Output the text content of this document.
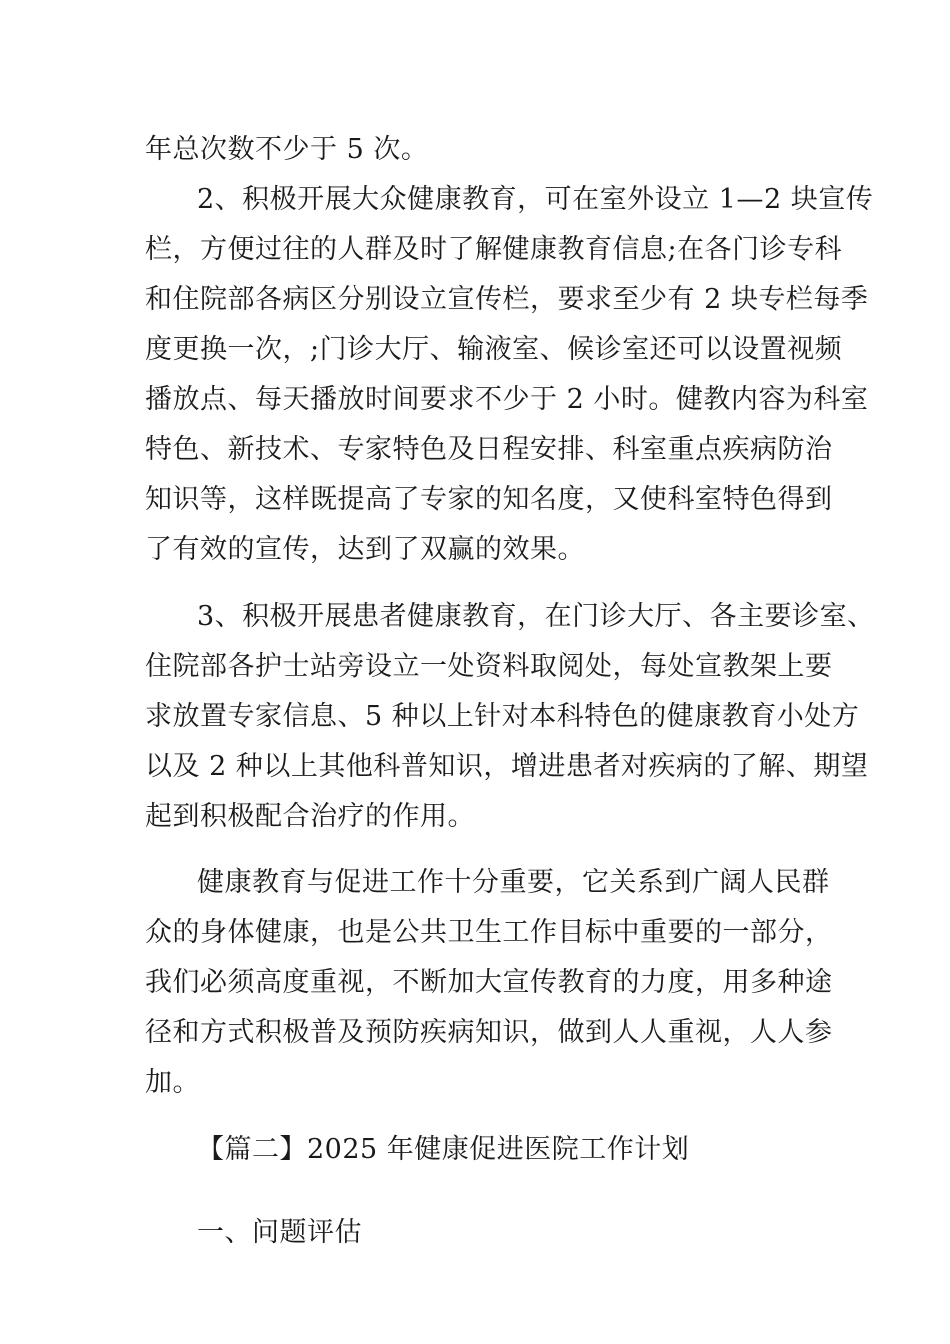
年总次数不少于 5 次。
2、积极开展大众健康教育，可在室外设立 1—2 块宣传
栏，方便过往的人群及时了解健康教育信息;在各门诊专科
和住院部各病区分别设立宣传栏，要求至少有 2 块专栏每季
度更换一次，;门诊大厅、输液室、候诊室还可以设置视频
播放点、每天播放时间要求不少于 2 小时。健教内容为科室
特色、新技术、专家特色及日程安排、科室重点疾病防治
知识等，这样既提高了专家的知名度，又使科室特色得到
了有效的宣传，达到了双赢的效果。
3、积极开展患者健康教育，在门诊大厅、各主要诊室、
住院部各护士站旁设立一处资料取阅处，每处宣教架上要
求放置专家信息、5 种以上针对本科特色的健康教育小处方
以及 2 种以上其他科普知识，增进患者对疾病的了解、期望
起到积极配合治疗的作用。
健康教育与促进工作十分重要，它关系到广阔人民群
众的身体健康，也是公共卫生工作目标中重要的一部分，
我们必须高度重视，不断加大宣传教育的力度，用多种途
径和方式积极普及预防疾病知识，做到人人重视，人人参
加。
【篇二】2025 年健康促进医院工作计划
一、问题评估
